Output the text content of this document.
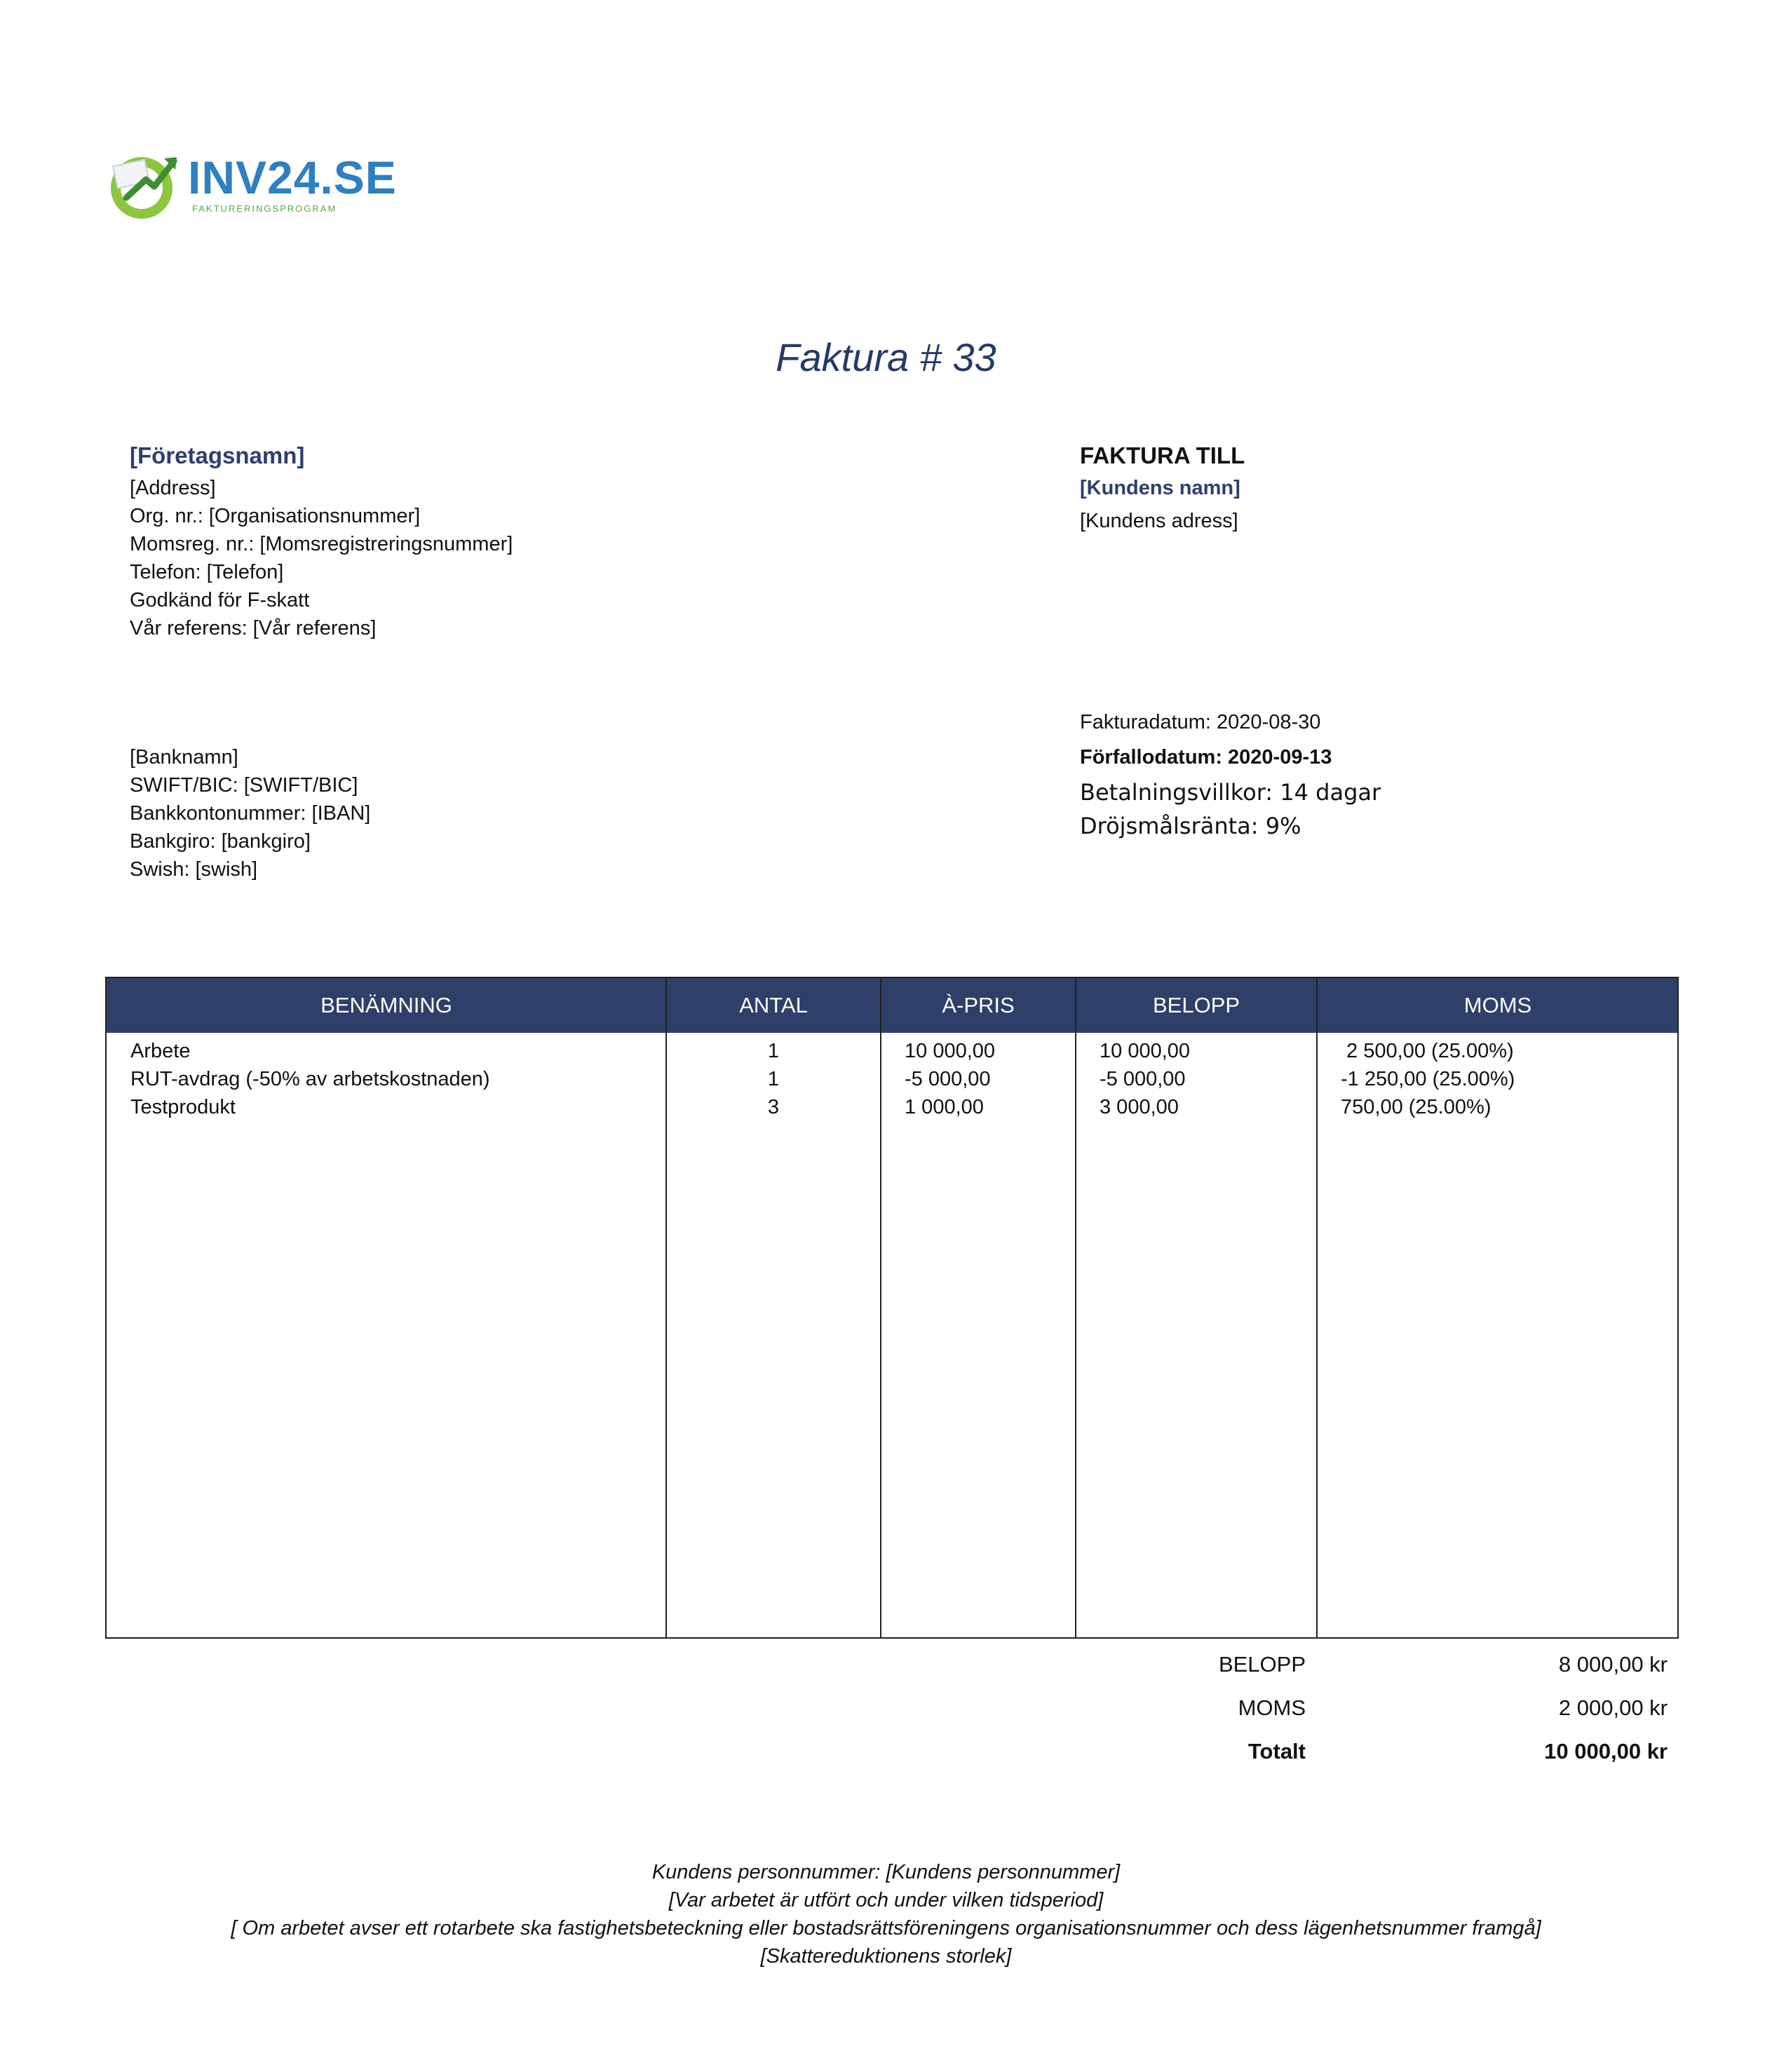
INV24.SE
FAKTURERINGSPROGRAM
Faktura # 33
[Företagsnamn]
[Address]
Org. nr.: [Organisationsnummer]
Momsreg. nr.: [Momsregistreringsnummer]
Telefon: [Telefon]
Godkänd för F-skatt
Vår referens: [Vår referens]
[Banknamn]
SWIFT/BIC: [SWIFT/BIC]
Bankkontonummer: [IBAN]
Bankgiro: [bankgiro]
Swish: [swish]
FAKTURA TILL
[Kundens namn]
[Kundens adress]
Fakturadatum: 2020-08-30
Förfallodatum: 2020-09-13
Betalningsvillkor: 14 dagar
Dröjsmålsränta: 9%
BENÄMNING	ANTAL	À-PRIS	BELOPP	MOMS
Arbete	1	10 000,00	10 000,00	2 500,00 (25.00%)
RUT-avdrag (-50% av arbetskostnaden)	1	-5 000,00	-5 000,00	-1 250,00 (25.00%)
Testprodukt	3	1 000,00	3 000,00	750,00 (25.00%)
BELOPP	8 000,00 kr
MOMS	2 000,00 kr
Totalt	10 000,00 kr
Kundens personnummer: [Kundens personnummer]
[Var arbetet är utfört och under vilken tidsperiod]
[ Om arbetet avser ett rotarbete ska fastighetsbeteckning eller bostadsrättsföreningens organisationsnummer och dess lägenhetsnummer framgå]
[Skattereduktionens storlek]
